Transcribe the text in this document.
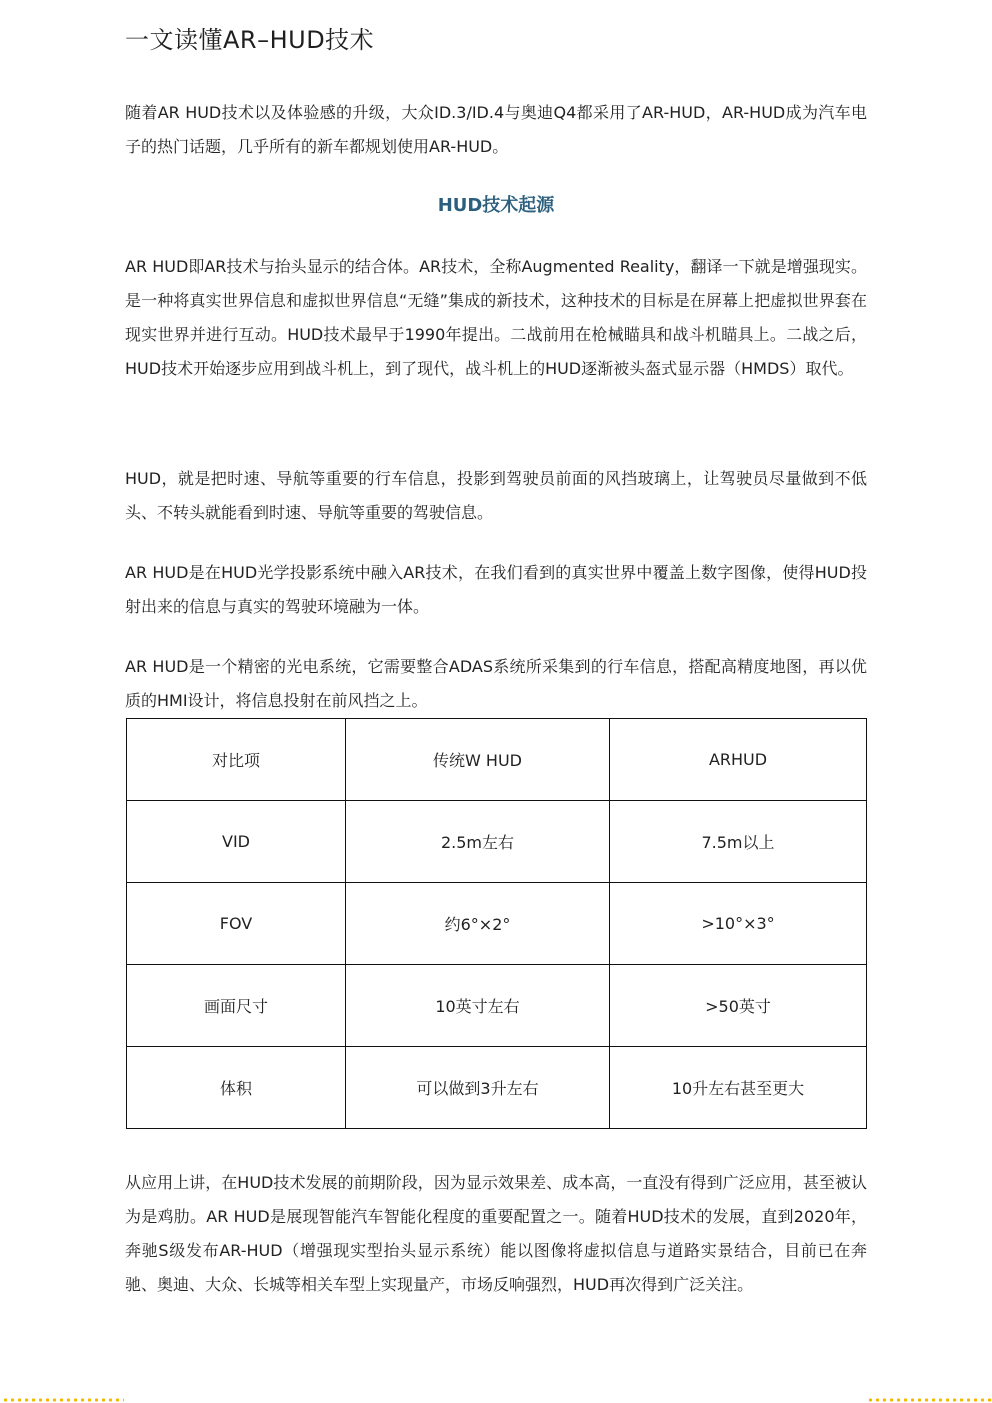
一文读懂AR–HUD技术
随着AR HUD技术以及体验感的升级，大众ID.3/ID.4与奥迪Q4都采用了AR-HUD，AR-HUD成为汽车电子的热门话题，几乎所有的新车都规划使用AR-HUD。
HUD技术起源
AR HUD即AR技术与抬头显示的结合体。AR技术，全称Augmented Reality，翻译一下就是增强现实。是一种将真实世界信息和虚拟世界信息“无缝”集成的新技术，这种技术的目标是在屏幕上把虚拟世界套在现实世界并进行互动。HUD技术最早于1990年提出。二战前用在枪械瞄具和战斗机瞄具上。二战之后，HUD技术开始逐步应用到战斗机上，到了现代，战斗机上的HUD逐渐被头盔式显示器（HMDS）取代。
HUD，就是把时速、导航等重要的行车信息，投影到驾驶员前面的风挡玻璃上，让驾驶员尽量做到不低头、不转头就能看到时速、导航等重要的驾驶信息。
AR HUD是在HUD光学投影系统中融入AR技术，在我们看到的真实世界中覆盖上数字图像，使得HUD投射出来的信息与真实的驾驶环境融为一体。
AR HUD是一个精密的光电系统，它需要整合ADAS系统所采集到的行车信息，搭配高精度地图，再以优质的HMI设计，将信息投射在前风挡之上。
对比项	传统W HUD	ARHUD
VID	2.5m左右	7.5m以上
FOV	约6°×2°	>10°×3°
画面尺寸	10英寸左右	>50英寸
体积	可以做到3升左右	10升左右甚至更大
从应用上讲，在HUD技术发展的前期阶段，因为显示效果差、成本高，一直没有得到广泛应用，甚至被认为是鸡肋。AR HUD是展现智能汽车智能化程度的重要配置之一。随着HUD技术的发展，直到2020年，奔驰S级发布AR-HUD（增强现实型抬头显示系统）能以图像将虚拟信息与道路实景结合，目前已在奔驰、奥迪、大众、长城等相关车型上实现量产，市场反响强烈，HUD再次得到广泛关注。
